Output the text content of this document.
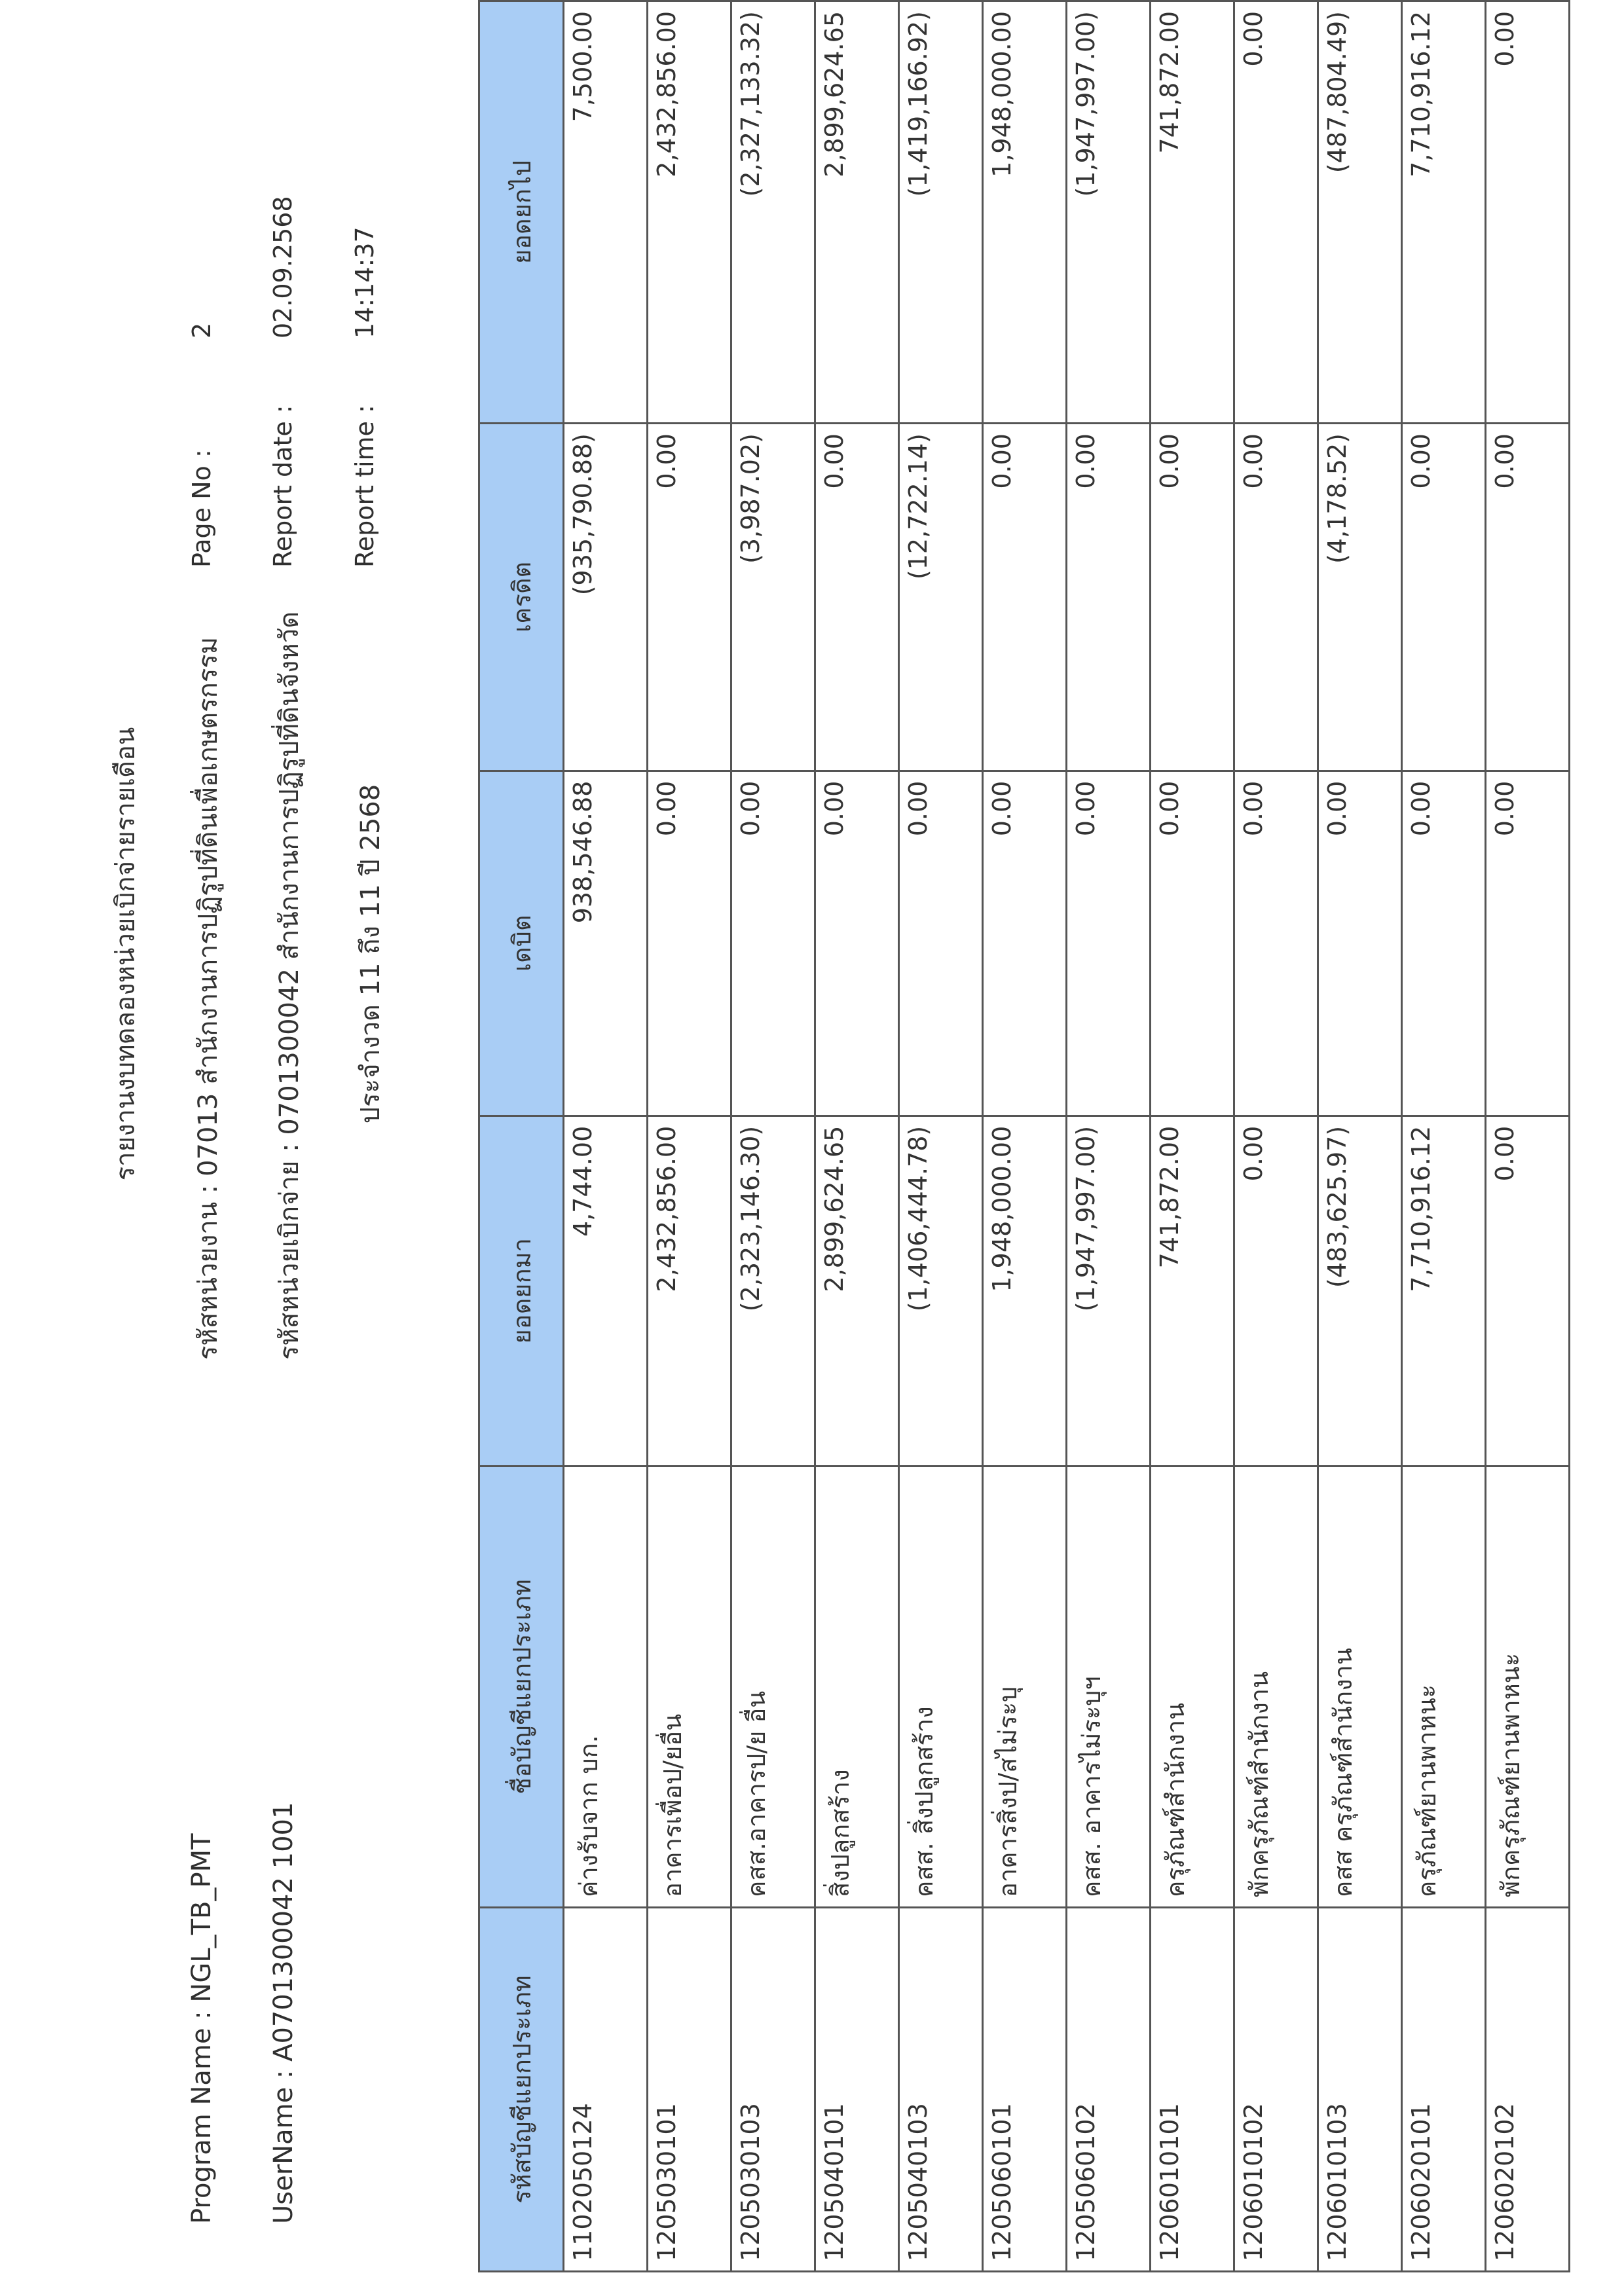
Program Name : NGL_TB_PMT UserName : A0701300042 1001
รายงานงบทดลองหน่วยเบิกจ่ายรายเดือน รหัสหน่วยงาน : 07013 สำนักงานการปฏิรูปที่ดินเพื่อเกษตรกรรม รหัสหน่วยเบิกจ่าย : 0701300042 สำนักงานการปฏิรูปที่ดินจังหวัด ประจำงวด 11 ถึง 11 ปี 2568
Page No :
2
Report date :
02.09.2568
Report time :
14:14:37
รหัสบัญชีแยกประเภท	ชื่อบัญชีแยกประเภท	ยอดยกมา	เดบิต	เครดิต	ยอดยกไป
1102050124	ค่างรับจาก บก.	4,744.00	938,546.88	(935,790.88)	7,500.00
1205030101	อาคารเพื่อป/ยอื่น	2,432,856.00	0.00	0.00	2,432,856.00
1205030103	คสส.อาคารป/ย อื่น	(2,323,146.30)	0.00	(3,987.02)	(2,327,133.32)
1205040101	สิ่งปลูกสร้าง	2,899,624.65	0.00	0.00	2,899,624.65
1205040103	คสส. สิ่งปลูกสร้าง	(1,406,444.78)	0.00	(12,722.14)	(1,419,166.92)
1205060101	อาคารสิ่งป/สไม่ระบุ	1,948,000.00	0.00	0.00	1,948,000.00
1205060102	คสส. อาคารไม่ระบุฯ	(1,947,997.00)	0.00	0.00	(1,947,997.00)
1206010101	ครุภัณฑ์สำนักงาน	741,872.00	0.00	0.00	741,872.00
1206010102	พักครุภัณฑ์สำนักงาน	0.00	0.00	0.00	0.00
1206010103	คสส ครุภัณฑ์สำนักงาน	(483,625.97)	0.00	(4,178.52)	(487,804.49)
1206020101	ครุภัณฑ์ยานพาหนะ	7,710,916.12	0.00	0.00	7,710,916.12
1206020102	พักครุภัณฑ์ยานพาหนะ	0.00	0.00	0.00	0.00
